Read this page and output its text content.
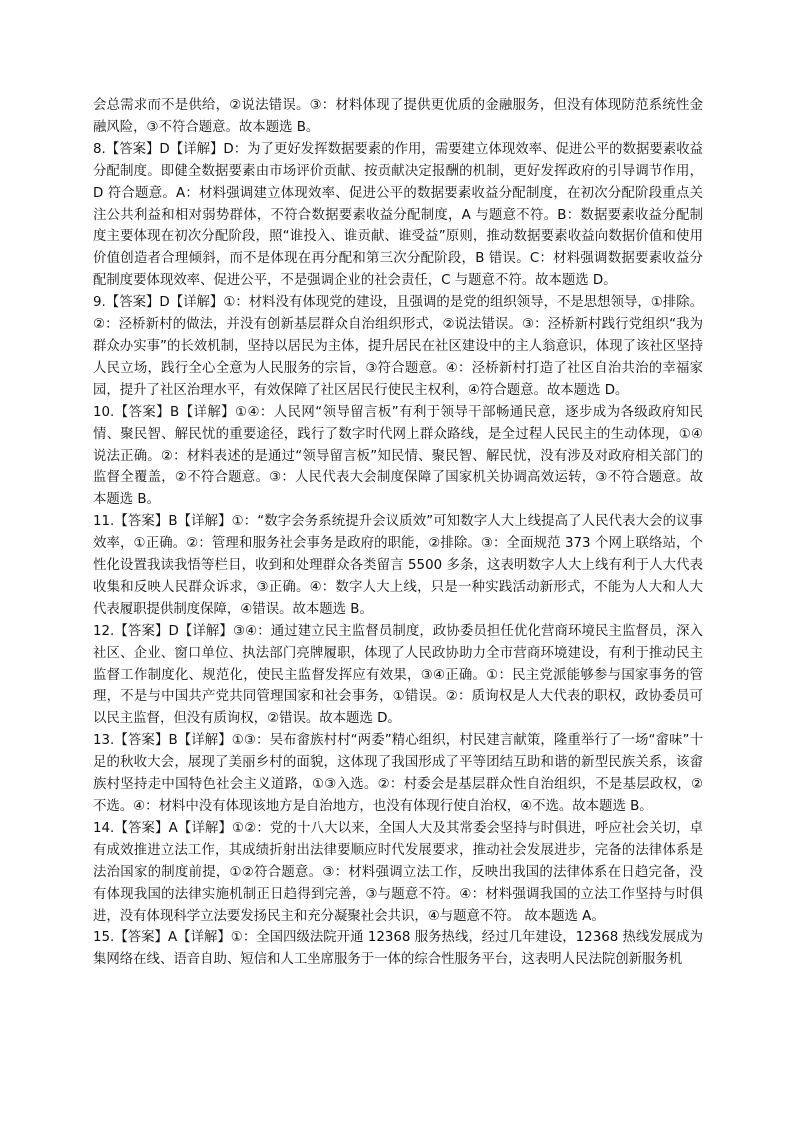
会总需求而不是供给，②说法错误。③：材料体现了提供更优质的金融服务，但没有体现防范系统性金融风险，③不符合题意。故本题选 B。

8.【答案】D【详解】D：为了更好发挥数据要素的作用，需要建立体现效率、促进公平的数据要素收益分配制度。即健全数据要素由市场评价贡献、按贡献决定报酬的机制，更好发挥政府的引导调节作用，D 符合题意。A：材料强调建立体现效率、促进公平的数据要素收益分配制度，在初次分配阶段重点关注公共利益和相对弱势群体，不符合数据要素收益分配制度，A 与题意不符。B：数据要素收益分配制度主要体现在初次分配阶段，照“谁投入、谁贡献、谁受益”原则，推动数据要素收益向数据价值和使用价值创造者合理倾斜，而不是体现在再分配和第三次分配阶段，B 错误。C：材料强调数据要素收益分配制度要体现效率、促进公平，不是强调企业的社会责任，C 与题意不符。故本题选 D。

9.【答案】D【详解】①：材料没有体现党的建设，且强调的是党的组织领导，不是思想领导，①排除。②：泾桥新村的做法，并没有创新基层群众自治组织形式，②说法错误。③：泾桥新村践行党组织“我为群众办实事”的长效机制，坚持以居民为主体，提升居民在社区建设中的主人翁意识，体现了该社区坚持人民立场，践行全心全意为人民服务的宗旨，③符合题意。④：泾桥新村打造了社区自治共治的幸福家园，提升了社区治理水平，有效保障了社区居民行使民主权利，④符合题意。故本题选 D。

10.【答案】B【详解】①④：人民网“领导留言板”有利于领导干部畅通民意，逐步成为各级政府知民情、聚民智、解民忧的重要途径，践行了数字时代网上群众路线，是全过程人民民主的生动体现，①④说法正确。②：材料表述的是通过“领导留言板”知民情、聚民智、解民忧，没有涉及对政府相关部门的监督全覆盖，②不符合题意。③：人民代表大会制度保障了国家机关协调高效运转，③不符合题意。故本题选 B。

11.【答案】B【详解】①：“数字会务系统提升会议质效”可知数字人大上线提高了人民代表大会的议事效率，①正确。②：管理和服务社会事务是政府的职能，②排除。③：全面规范 373 个网上联络站，个性化设置我读我悟等栏目，收到和处理群众各类留言 5500 多条，这表明数字人大上线有利于人大代表收集和反映人民群众诉求，③正确。④：数字人大上线，只是一种实践活动新形式，不能为人大和人大代表履职提供制度保障，④错误。故本题选 B。

12.【答案】D【详解】③④：通过建立民主监督员制度，政协委员担任优化营商环境民主监督员，深入社区、企业、窗口单位、执法部门亮牌履职，体现了人民政协助力全市营商环境建设，有利于推动民主监督工作制度化、规范化，使民主监督发挥应有效果，③④正确。①：民主党派能够参与国家事务的管理，不是与中国共产党共同管理国家和社会事务，①错误。②：质询权是人大代表的职权，政协委员可以民主监督，但没有质询权，②错误。故本题选 D。

13.【答案】B【详解】①③：吴布畲族村村“两委”精心组织，村民建言献策，隆重举行了一场“畲味”十足的秋收大会，展现了美丽乡村的面貌，这体现了我国形成了平等团结互助和谐的新型民族关系，该畲族村坚持走中国特色社会主义道路，①③入选。②：村委会是基层群众性自治组织，不是基层政权，②不选。④：材料中没有体现该地方是自治地方，也没有体现行使自治权，④不选。故本题选 B。

14.【答案】A【详解】①②：党的十八大以来，全国人大及其常委会坚持与时俱进，呼应社会关切，卓有成效推进立法工作，其成绩折射出法律要顺应时代发展要求，推动社会发展进步，完备的法律体系是法治国家的制度前提，①②符合题意。③：材料强调立法工作，反映出我国的法律体系在日趋完备，没有体现我国的法律实施机制正日趋得到完善，③与题意不符。④：材料强调我国的立法工作坚持与时俱进，没有体现科学立法要发扬民主和充分凝聚社会共识，④与题意不符。 故本题选 A。

15.【答案】A【详解】①：全国四级法院开通 12368 服务热线，经过几年建设，12368 热线发展成为集网络在线、语音自助、短信和人工坐席服务于一体的综合性服务平台，这表明人民法院创新服务机
